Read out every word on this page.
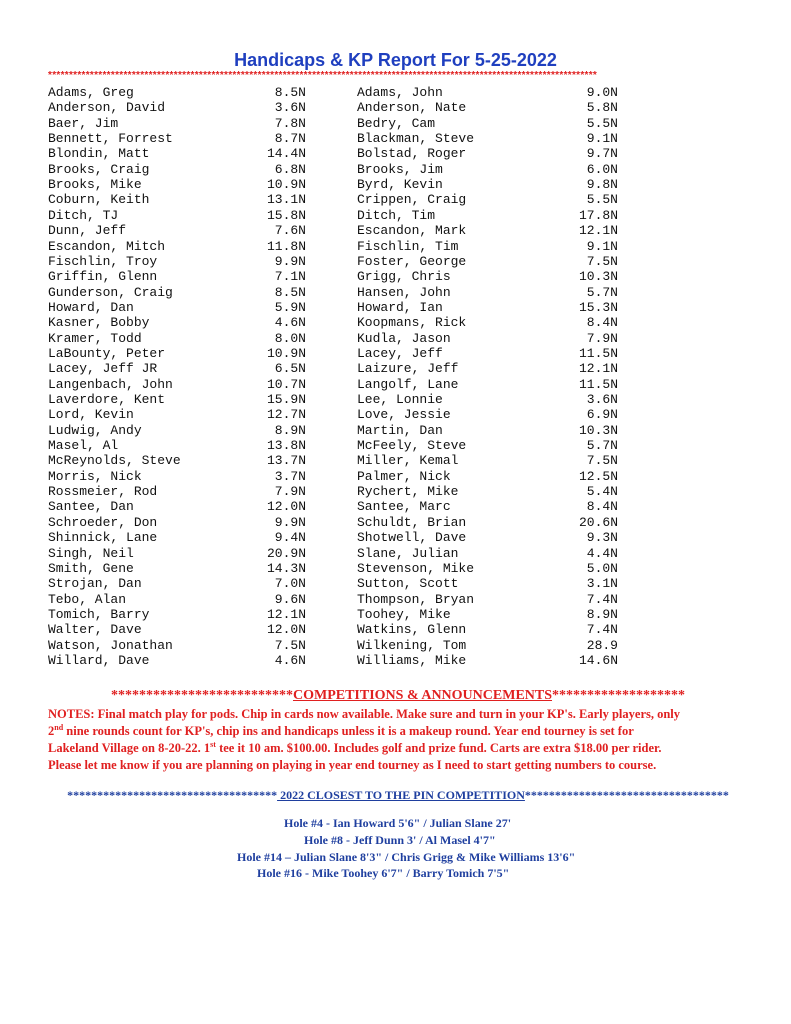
Handicaps & KP Report For 5-25-2022
***********************************************************************************************************************************
Adams, Greg	8.5N	Adams, John	9.0N
Anderson, David	3.6N	Anderson, Nate	5.8N
Baer, Jim	7.8N	Bedry, Cam	5.5N
Bennett, Forrest	8.7N	Blackman, Steve	9.1N
Blondin, Matt	14.4N	Bolstad, Roger	9.7N
Brooks, Craig	6.8N	Brooks, Jim	6.0N
Brooks, Mike	10.9N	Byrd, Kevin	9.8N
Coburn, Keith	13.1N	Crippen, Craig	5.5N
Ditch, TJ	15.8N	Ditch, Tim	17.8N
Dunn, Jeff	7.6N	Escandon, Mark	12.1N
Escandon, Mitch	11.8N	Fischlin, Tim	9.1N
Fischlin, Troy	9.9N	Foster, George	7.5N
Griffin, Glenn	7.1N	Grigg, Chris	10.3N
Gunderson, Craig	8.5N	Hansen, John	5.7N
Howard, Dan	5.9N	Howard, Ian	15.3N
Kasner, Bobby	4.6N	Koopmans, Rick	8.4N
Kramer, Todd	8.0N	Kudla, Jason	7.9N
LaBounty, Peter	10.9N	Lacey, Jeff	11.5N
Lacey, Jeff JR	6.5N	Laizure, Jeff	12.1N
Langenbach, John	10.7N	Langolf, Lane	11.5N
Laverdore, Kent	15.9N	Lee, Lonnie	3.6N
Lord, Kevin	12.7N	Love, Jessie	6.9N
Ludwig, Andy	8.9N	Martin, Dan	10.3N
Masel, Al	13.8N	McFeely, Steve	5.7N
McReynolds, Steve	13.7N	Miller, Kemal	7.5N
Morris, Nick	3.7N	Palmer, Nick	12.5N
Rossmeier, Rod	7.9N	Rychert, Mike	5.4N
Santee, Dan	12.0N	Santee, Marc	8.4N
Schroeder, Don	9.9N	Schuldt, Brian	20.6N
Shinnick, Lane	9.4N	Shotwell, Dave	9.3N
Singh, Neil	20.9N	Slane, Julian	4.4N
Smith, Gene	14.3N	Stevenson, Mike	5.0N
Strojan, Dan	7.0N	Sutton, Scott	3.1N
Tebo, Alan	9.6N	Thompson, Bryan	7.4N
Tomich, Barry	12.1N	Toohey, Mike	8.9N
Walter, Dave	12.0N	Watkins, Glenn	7.4N
Watson, Jonathan	7.5N	Wilkening, Tom	28.9
Willard, Dave	4.6N	Williams, Mike	14.6N
**************************COMPETITIONS & ANNOUNCEMENTS*******************
NOTES: Final match play for pods. Chip in cards now available. Make sure and turn in your KP's. Early players, only
2nd nine rounds count for KP's, chip ins and handicaps unless it is a makeup round. Year end tourney is set for
Lakeland Village on 8-20-22. 1st tee it 10 am. $100.00. Includes golf and prize fund. Carts are extra $18.00 per rider.
Please let me know if you are planning on playing in year end tourney as I need to start getting numbers to course.
*********************************** 2022 CLOSEST TO THE PIN COMPETITION**********************************
Hole #4 - Ian Howard 5'6" / Julian Slane 27'
Hole #8 - Jeff Dunn 3' / Al Masel 4'7"
Hole #14 – Julian Slane 8'3" / Chris Grigg & Mike Williams 13'6"
Hole #16 - Mike Toohey 6'7" / Barry Tomich 7'5"
